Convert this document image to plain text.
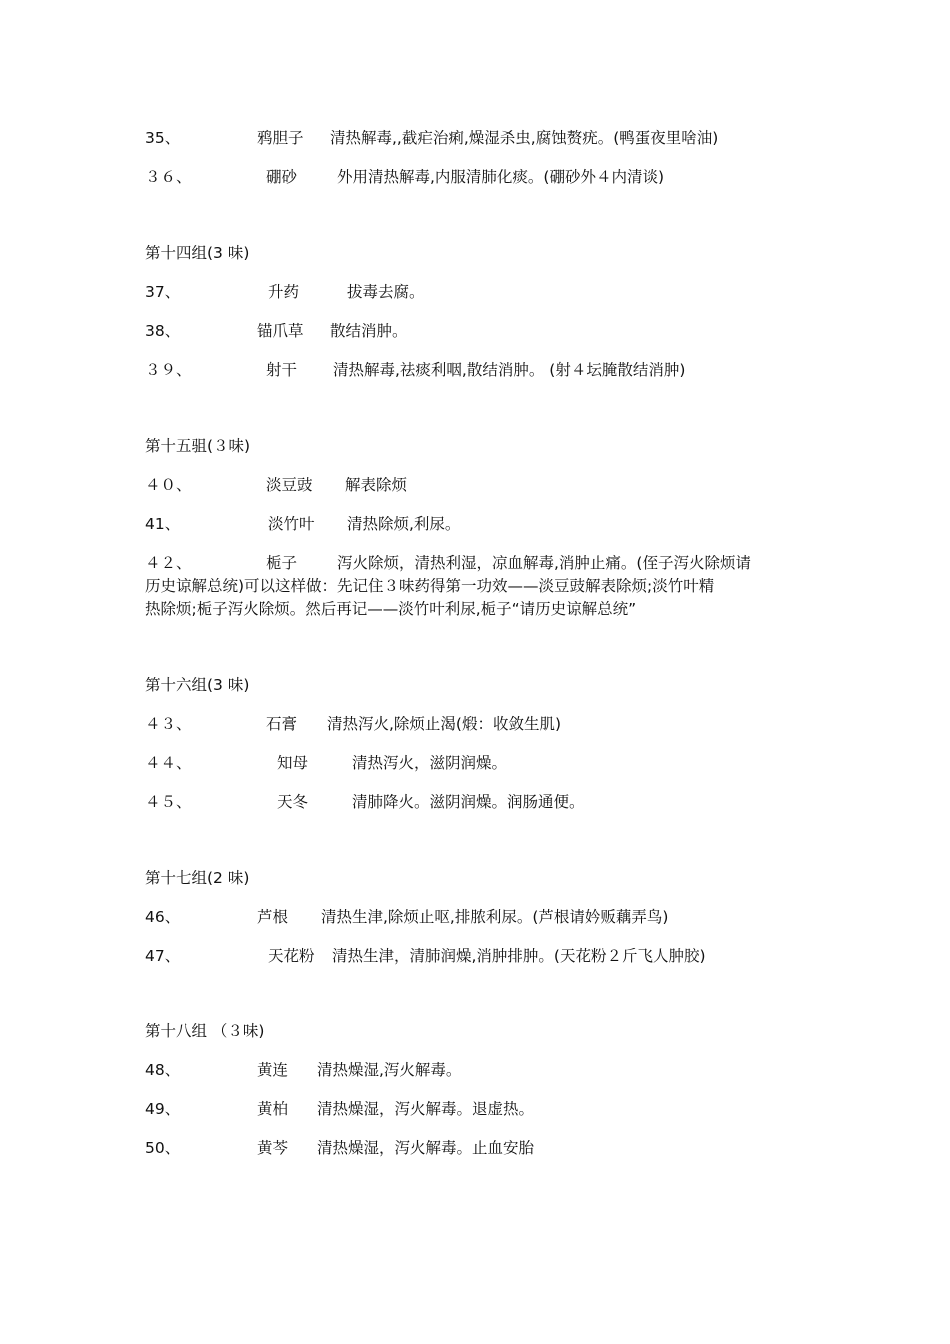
35、	鸦胆子 清热解毒,,截疟治痢,燥湿杀虫,腐蚀赘疣。(鸭蛋夜里啥油)
３６、	硼砂	外用清热解毒,内服清肺化痰。(硼砂外４内清谈)
第十四组(3 味)
37、	升药	拔毒去腐。
38、	锚爪草 散结消肿。
３９、	射干 清热解毒,祛痰利咽,散结消肿。 (射４坛腌散结消肿)
第十五驵(３味)
４０、	淡豆豉 解表除烦
41、	淡竹叶 清热除烦,利尿。
４２、	栀子	泻火除烦，清热利湿，凉血解毒,消肿止痛。(侄子泻火除烦请
历史谅解总统)可以这样做：先记住３味药得第一功效——淡豆豉解表除烦;淡竹叶精
热除烦;栀子泻火除烦。然后再记——淡竹叶利尿,栀子“请历史谅解总统”
第十六组(3 味)
４３、	石膏 清热泻火,除烦止渴(煅：收敛生肌)
４４、	知母	清热泻火，滋阴润燥。
４５、	天冬	清肺降火。滋阴润燥。润肠通便。
第十七组(2 味)
46、	芦根 清热生津,除烦止呕,排脓利尿。(芦根请妗贩藕弄鸟)
47、	天花粉 清热生津，清肺润燥,消肿排肿。(天花粉２斤飞人肿胶)
第十八组 （３味)
48、	黄连 清热燥湿,泻火解毒。
49、	黄柏 清热燥湿，泻火解毒。退虚热。
50、	黄芩 清热燥湿，泻火解毒。止血安胎
